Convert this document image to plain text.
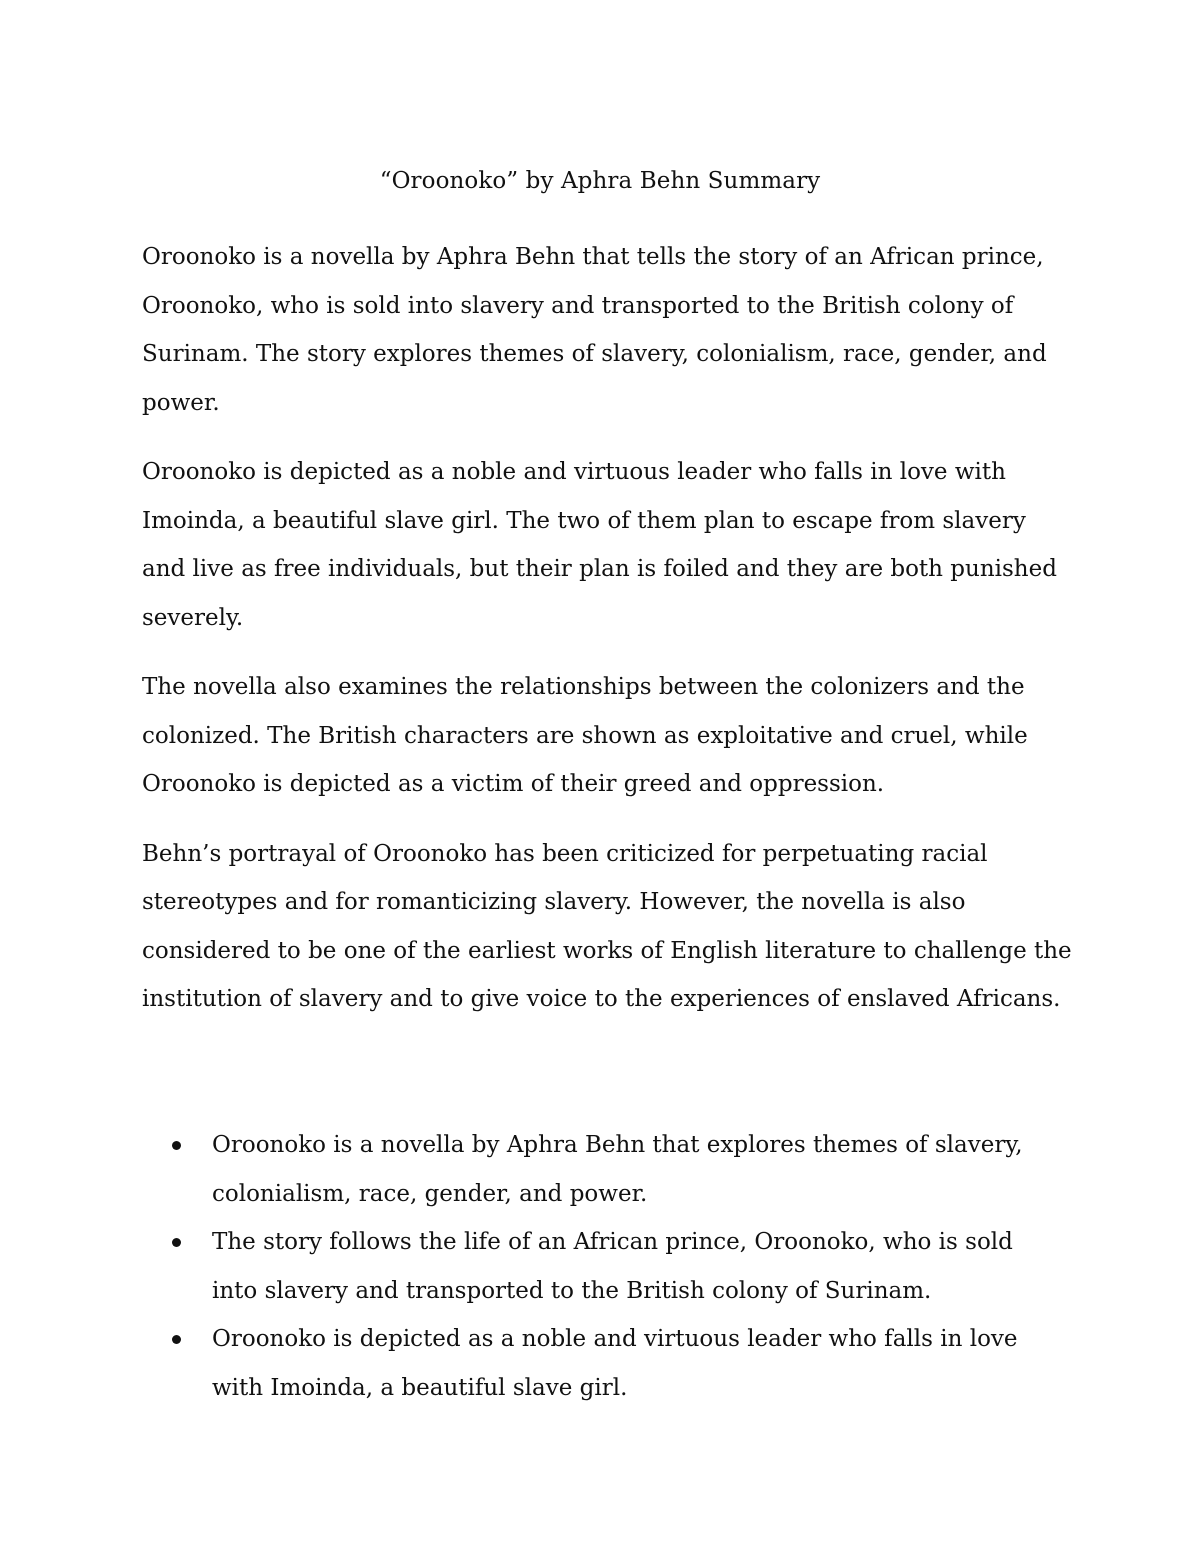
“Oroonoko” by Aphra Behn Summary

Oroonoko is a novella by Aphra Behn that tells the story of an African prince,
Oroonoko, who is sold into slavery and transported to the British colony of
Surinam. The story explores themes of slavery, colonialism, race, gender, and
power.

Oroonoko is depicted as a noble and virtuous leader who falls in love with
Imoinda, a beautiful slave girl. The two of them plan to escape from slavery
and live as free individuals, but their plan is foiled and they are both punished
severely.

The novella also examines the relationships between the colonizers and the
colonized. The British characters are shown as exploitative and cruel, while
Oroonoko is depicted as a victim of their greed and oppression.

Behn’s portrayal of Oroonoko has been criticized for perpetuating racial
stereotypes and for romanticizing slavery. However, the novella is also
considered to be one of the earliest works of English literature to challenge the
institution of slavery and to give voice to the experiences of enslaved Africans.

Oroonoko is a novella by Aphra Behn that explores themes of slavery,
colonialism, race, gender, and power.
The story follows the life of an African prince, Oroonoko, who is sold
into slavery and transported to the British colony of Surinam.
Oroonoko is depicted as a noble and virtuous leader who falls in love
with Imoinda, a beautiful slave girl.
